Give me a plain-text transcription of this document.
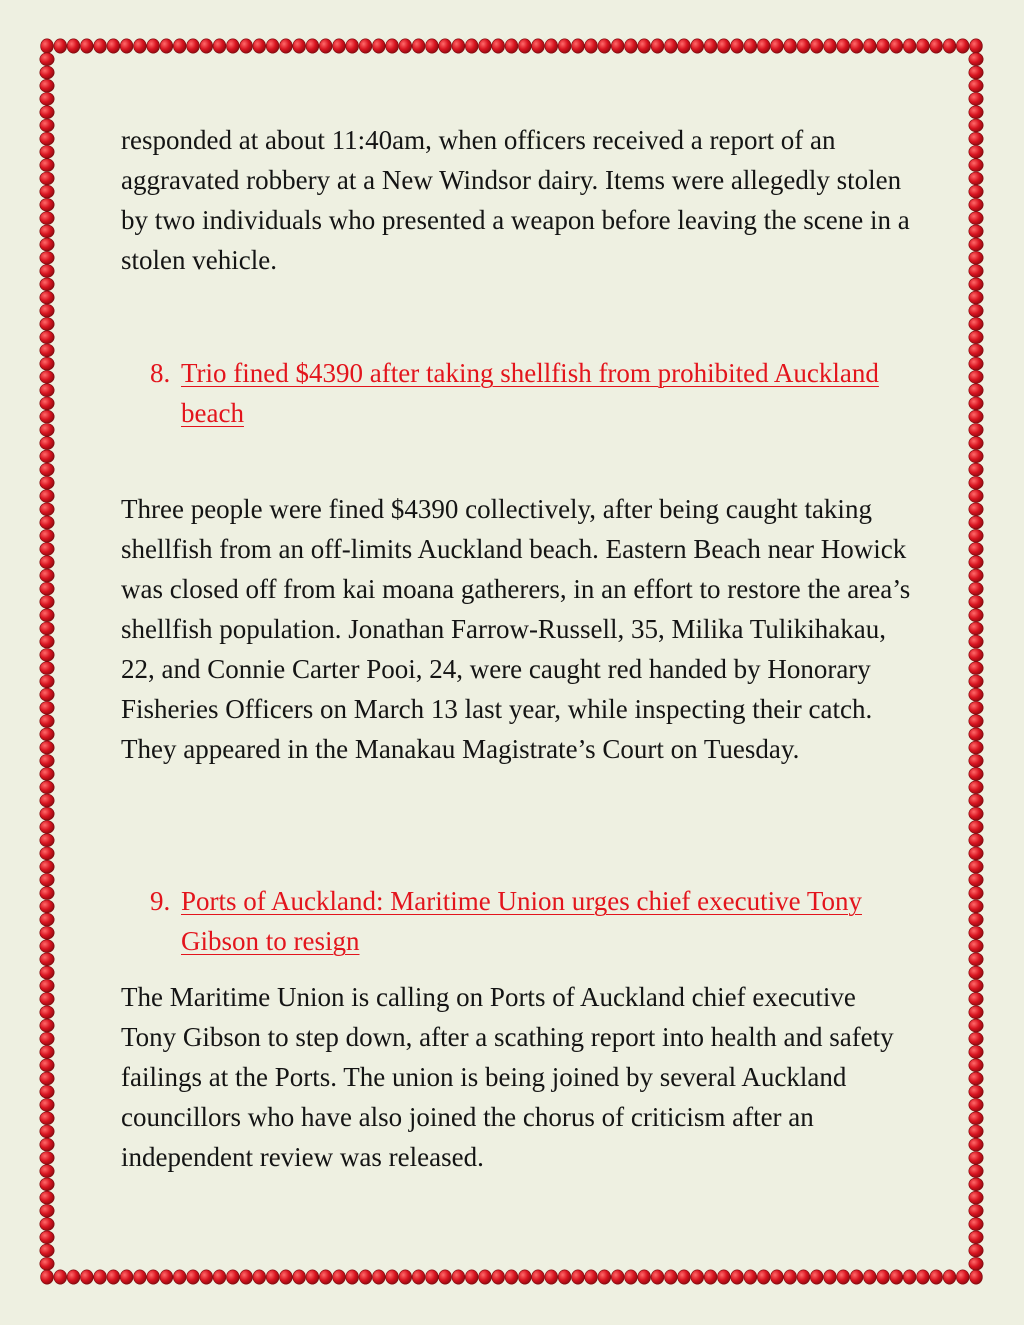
responded at about 11:40am, when officers received a report of an aggravated robbery at a New Windsor dairy. Items were allegedly stolen by two individuals who presented a weapon before leaving the scene in a stolen vehicle.

8. Trio fined $4390 after taking shellfish from prohibited Auckland beach

Three people were fined $4390 collectively, after being caught taking shellfish from an off-limits Auckland beach. Eastern Beach near Howick was closed off from kai moana gatherers, in an effort to restore the area’s shellfish population. Jonathan Farrow-Russell, 35, Milika Tulikihakau, 22, and Connie Carter Pooi, 24, were caught red handed by Honorary Fisheries Officers on March 13 last year, while inspecting their catch. They appeared in the Manakau Magistrate’s Court on Tuesday.

9. Ports of Auckland: Maritime Union urges chief executive Tony Gibson to resign

The Maritime Union is calling on Ports of Auckland chief executive Tony Gibson to step down, after a scathing report into health and safety failings at the Ports. The union is being joined by several Auckland councillors who have also joined the chorus of criticism after an independent review was released.
